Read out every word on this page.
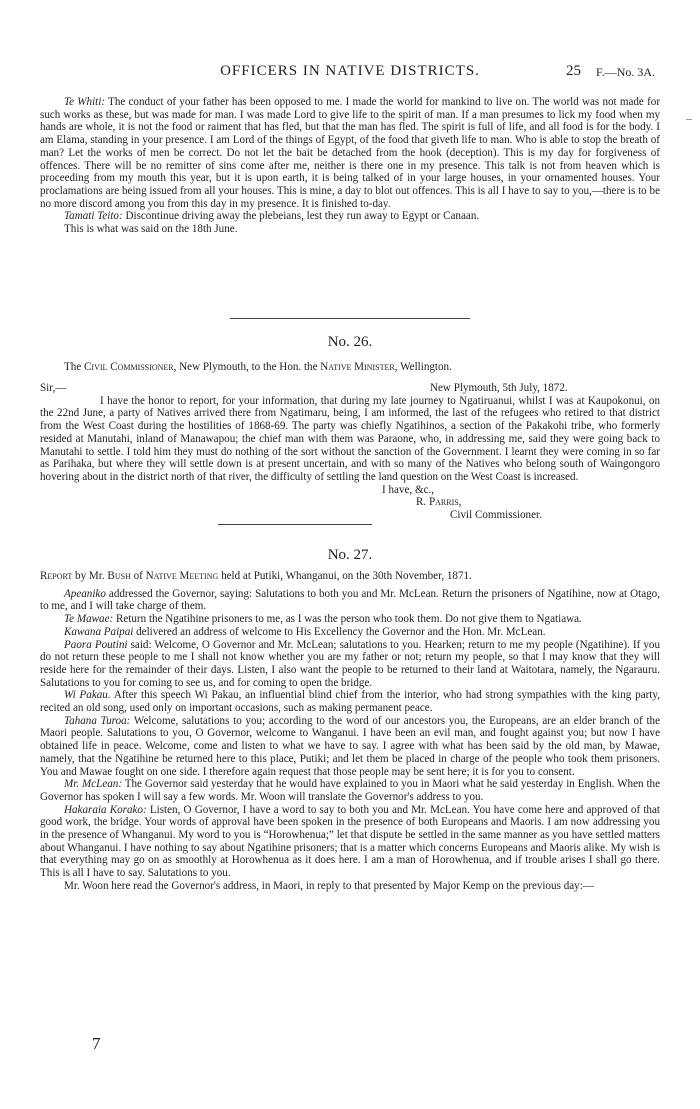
OFFICERS IN NATIVE DISTRICTS.	25 F.—No. 3A.
–

Te Whiti: The conduct of your father has been opposed to me. I made the world for mankind to live on. The world was not made for such works as these, but was made for man. I was made Lord to give life to the spirit of man. If a man presumes to lick my food when my hands are whole, it is not the food or raiment that has fled, but that the man has fled. The spirit is full of life, and all food is for the body. I am Elama, standing in your presence. I am Lord of the things of Egypt, of the food that giveth life to man. Who is able to stop the breath of man? Let the works of men be correct. Do not let the bait be detached from the hook (deception). This is my day for forgiveness of offences. There will be no remitter of sins come after me, neither is there one in my presence. This talk is not from heaven which is proceeding from my mouth this year, but it is upon earth, it is being talked of in your large houses, in your ornamented houses. Your proclamations are being issued from all your houses. This is mine, a day to blot out offences. This is all I have to say to you,—there is to be no more discord among you from this day in my presence. It is finished to-day.

Tamati Teito: Discontinue driving away the plebeians, lest they run away to Egypt or Canaan.

This is what was said on the 18th June.

No. 26.

The Civil Commissioner, New Plymouth, to the Hon. the Native Minister, Wellington.

Sir,—	New Plymouth, 5th July, 1872.

I have the honor to report, for your information, that during my late journey to Ngatiruanui, whilst I was at Kaupokonui, on the 22nd June, a party of Natives arrived there from Ngatimaru, being, I am informed, the last of the refugees who retired to that district from the West Coast during the hostilities of 1868-69. The party was chiefly Ngatihinos, a section of the Pakakohi tribe, who formerly resided at Manutahi, inland of Manawapou; the chief man with them was Paraone, who, in addressing me, said they were going back to Manutahi to settle. I told him they must do nothing of the sort without the sanction of the Government. I learnt they were coming in so far as Parihaka, but where they will settle down is at present uncertain, and with so many of the Natives who belong south of Waingongoro hovering about in the district north of that river, the difficulty of settling the land question on the West Coast is increased.

I have, &c.,

R. Parris,

Civil Commissioner.

No. 27.

Report by Mr. Bush of Native Meeting held at Putiki, Whanganui, on the 30th November, 1871.

Apeaniko addressed the Governor, saying: Salutations to both you and Mr. McLean. Return the prisoners of Ngatihine, now at Otago, to me, and I will take charge of them.

Te Mawae: Return the Ngatihine prisoners to me, as I was the person who took them. Do not give them to Ngatiawa.

Kawana Paipai delivered an address of welcome to His Excellency the Governor and the Hon. Mr. McLean.

Paora Poutini said: Welcome, O Governor and Mr. McLean; salutations to you. Hearken; return to me my people (Ngatihine). If you do not return these people to me I shall not know whether you are my father or not; return my people, so that I may know that they will reside here for the remainder of their days. Listen, I also want the people to be returned to their land at Waitotara, namely, the Ngarauru. Salutations to you for coming to see us, and for coming to open the bridge.

Wi Pakau. After this speech Wi Pakau, an influential blind chief from the interior, who had strong sympathies with the king party, recited an old song, used only on important occasions, such as making permanent peace.

Tahana Turoa: Welcome, salutations to you; according to the word of our ancestors you, the Europeans, are an elder branch of the Maori people. Salutations to you, O Governor, welcome to Wanganui. I have been an evil man, and fought against you; but now I have obtained life in peace. Welcome, come and listen to what we have to say. I agree with what has been said by the old man, by Mawae, namely, that the Ngatihine be returned here to this place, Putiki; and let them be placed in charge of the people who took them prisoners. You and Mawae fought on one side. I therefore again request that those people may be sent here; it is for you to consent.

Mr. McLean: The Governor said yesterday that he would have explained to you in Maori what he said yesterday in English. When the Governor has spoken I will say a few words. Mr. Woon will translate the Governor's address to you.

Hakaraia Korako: Listen, O Governor, I have a word to say to both you and Mr. McLean. You have come here and approved of that good work, the bridge. Your words of approval have been spoken in the presence of both Europeans and Maoris. I am now addressing you in the presence of Whanganui. My word to you is “Horowhenua;” let that dispute be settled in the same manner as you have settled matters about Whanganui. I have nothing to say about Ngatihine prisoners; that is a matter which concerns Europeans and Maoris alike. My wish is that everything may go on as smoothly at Horowhenua as it does here. I am a man of Horowhenua, and if trouble arises I shall go there. This is all I have to say. Salutations to you.

Mr. Woon here read the Governor's address, in Maori, in reply to that presented by Major Kemp on the previous day:—

7
